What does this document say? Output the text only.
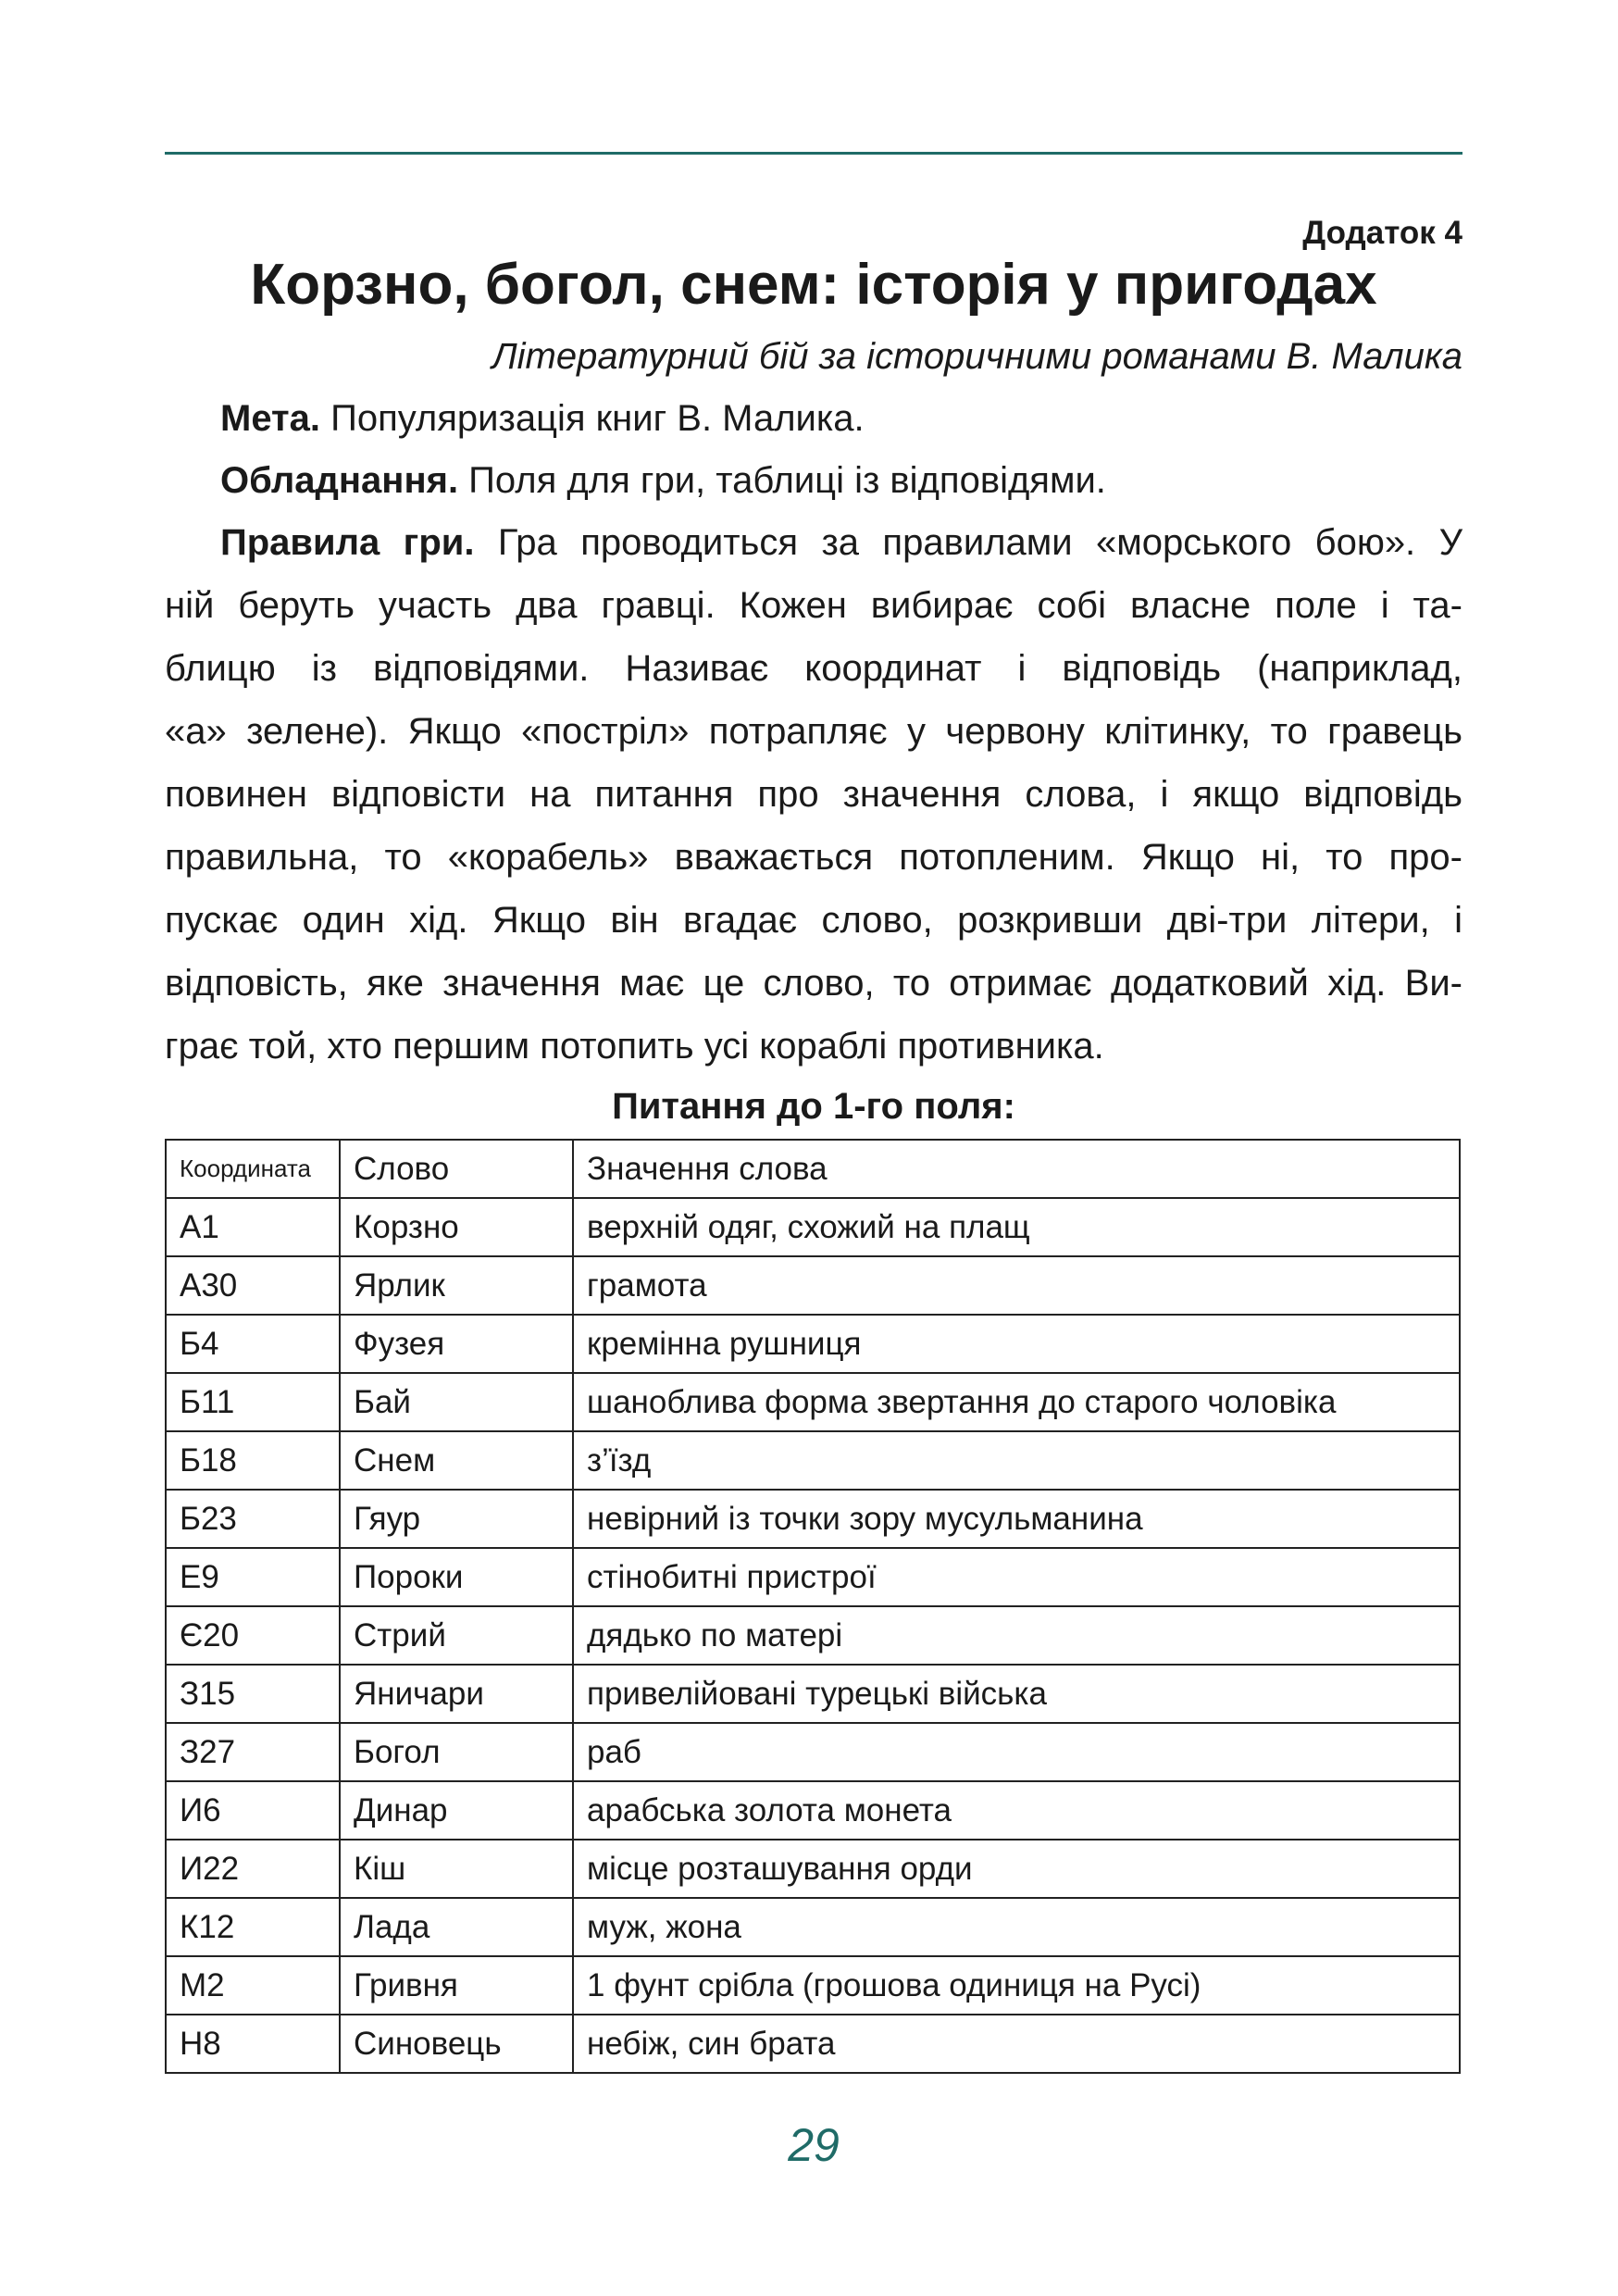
Додаток 4
Корзно, богол, снем: історія у пригодах
Літературний бій за історичними романами В. Малика
Мета. Популяризація книг В. Малика.
Обладнання. Поля для гри, таблиці із відповідями.
Правила гри. Гра проводиться за правилами «морського бою». У
ній беруть участь два гравці. Кожен вибирає собі власне поле і та-
блицю із відповідями. Називає координат і відповідь (наприклад,
«а» зелене). Якщо «постріл» потрапляє у червону клітинку, то гравець
повинен відповісти на питання про значення слова, і якщо відповідь
правильна, то «корабель» вважається потопленим. Якщо ні, то про-
пускає один хід. Якщо він вгадає слово, розкривши дві-три літери, і
відповість, яке значення має це слово, то отримає додатковий хід. Ви-
грає той, хто першим потопить усі кораблі противника.
Питання до 1-го поля:
Координата	Слово	Значення слова
А1	Корзно	верхній одяг, схожий на плащ
А30	Ярлик	грамота
Б4	Фузея	кремінна рушниця
Б11	Бай	шаноблива форма звертання до старого чоловіка
Б18	Снем	з’їзд
Б23	Гяур	невірний із точки зору мусульманина
Е9	Пороки	стінобитні пристрої
Є20	Стрий	дядько по матері
З15	Яничари	привелійовані турецькі війська
З27	Богол	раб
И6	Динар	арабська золота монета
И22	Кіш	місце розташування орди
К12	Лада	муж, жона
М2	Гривня	1 фунт срібла (грошова одиниця на Русі)
Н8	Синовець	небіж, син брата
29
